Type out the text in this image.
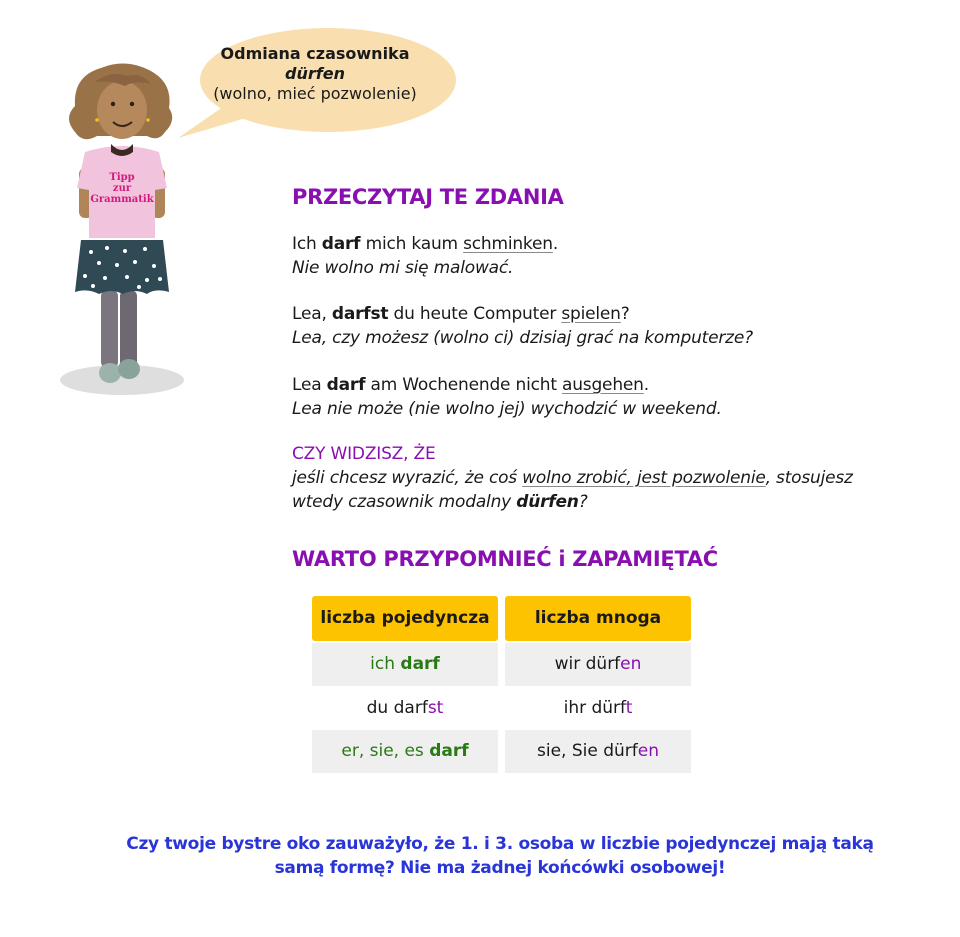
Tipp
zur
Grammatik
Odmiana czasownika
dürfen
(wolno, mieć pozwolenie)
PRZECZYTAJ TE ZDANIA
Ich darf mich kaum schminken.
Nie wolno mi się malować.
Lea, darfst du heute Computer spielen?
Lea, czy możesz (wolno ci) dzisiaj grać na komputerze?
Lea darf am Wochenende nicht ausgehen.
Lea nie może (nie wolno jej) wychodzić w weekend.
CZY WIDZISZ, ŻE
jeśli chcesz wyrazić, że coś wolno zrobić, jest pozwolenie, stosujesz wtedy czasownik modalny dürfen?
WARTO PRZYPOMNIEĆ i ZAPAMIĘTAĆ
liczba pojedyncza	liczba mnoga
ich darf	wir dürfen
du darfst	ihr dürft
er, sie, es darf	sie, Sie dürfen
Czy twoje bystre oko zauważyło, że 1. i 3. osoba w liczbie pojedynczej mają taką
samą formę? Nie ma żadnej końcówki osobowej!
